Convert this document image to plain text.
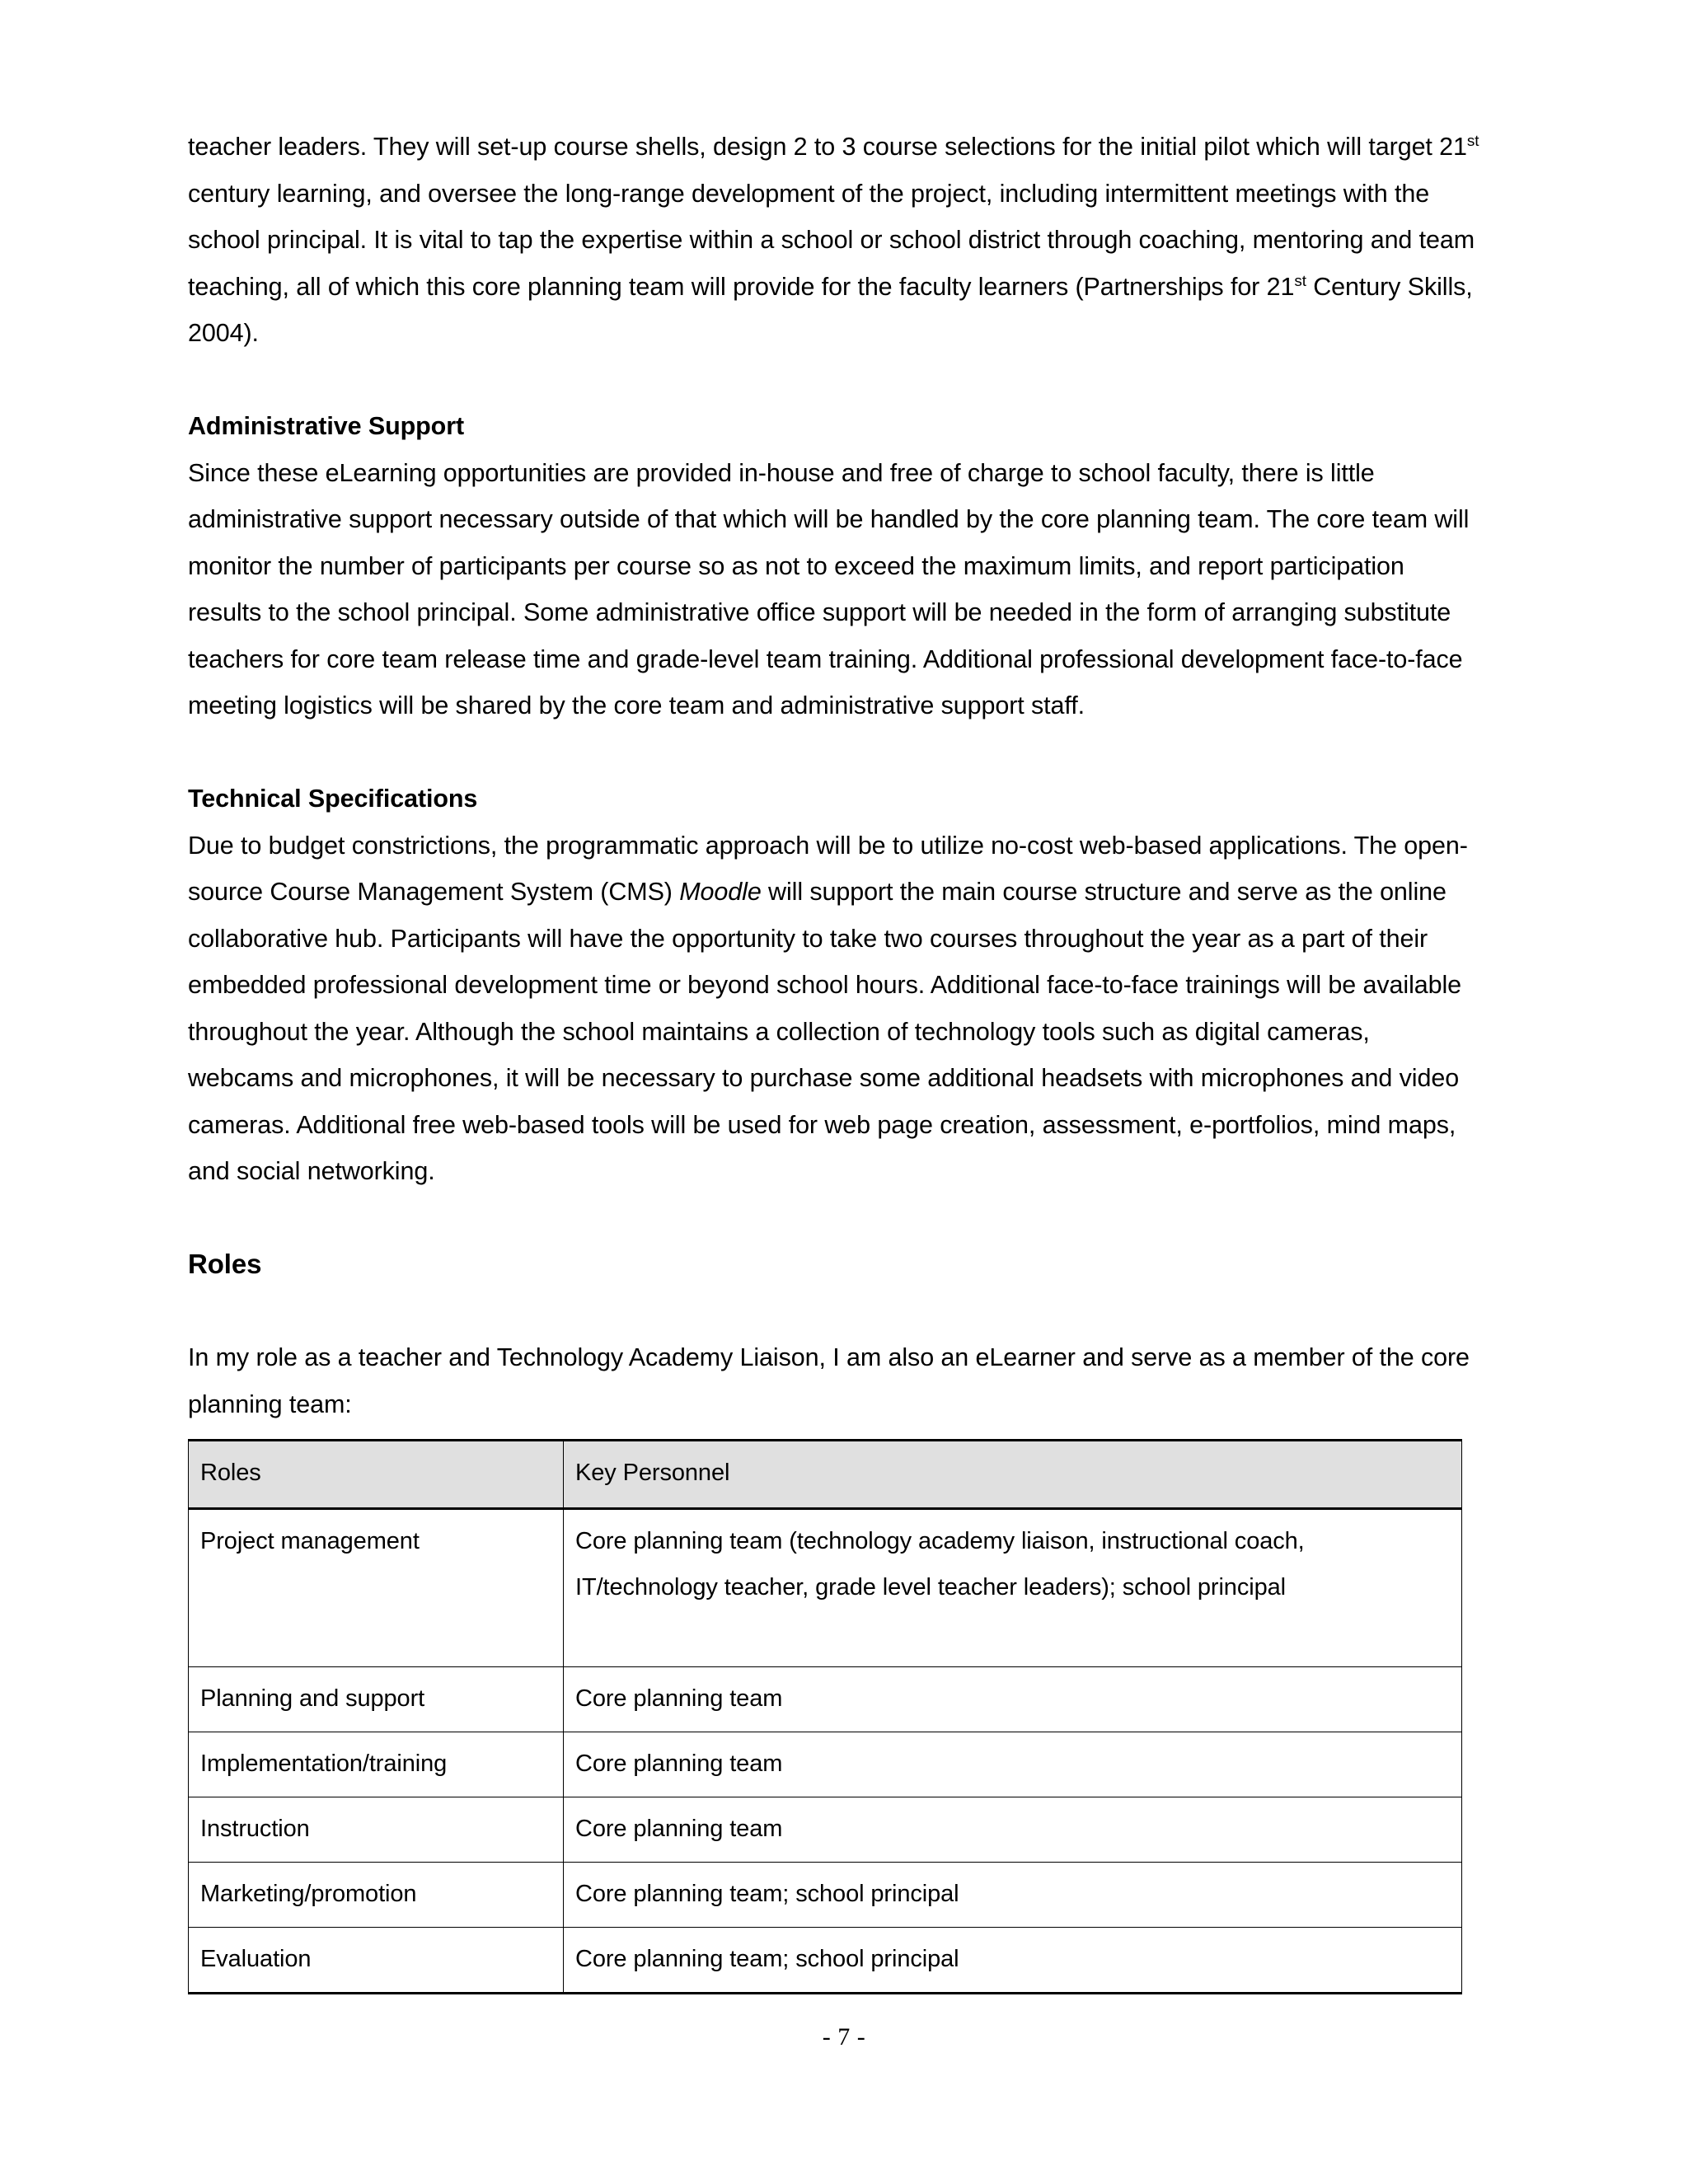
teacher leaders. They will set-up course shells, design 2 to 3 course selections for the initial pilot which will target 21st century learning, and oversee the long-range development of the project, including intermittent meetings with the school principal. It is vital to tap the expertise within a school or school district through coaching, mentoring and team teaching, all of which this core planning team will provide for the faculty learners (Partnerships for 21st Century Skills, 2004).

Administrative Support

Since these eLearning opportunities are provided in-house and free of charge to school faculty, there is little administrative support necessary outside of that which will be handled by the core planning team. The core team will monitor the number of participants per course so as not to exceed the maximum limits, and report participation results to the school principal. Some administrative office support will be needed in the form of arranging substitute teachers for core team release time and grade-level team training. Additional professional development face-to-face meeting logistics will be shared by the core team and administrative support staff.

Technical Specifications

Due to budget constrictions, the programmatic approach will be to utilize no-cost web-based applications. The open-source Course Management System (CMS) Moodle will support the main course structure and serve as the online collaborative hub. Participants will have the opportunity to take two courses throughout the year as a part of their embedded professional development time or beyond school hours. Additional face-to-face trainings will be available throughout the year. Although the school maintains a collection of technology tools such as digital cameras, webcams and microphones, it will be necessary to purchase some additional headsets with microphones and video cameras. Additional free web-based tools will be used for web page creation, assessment, e-portfolios, mind maps, and social networking.

Roles

In my role as a teacher and Technology Academy Liaison, I am also an eLearner and serve as a member of the core planning team:

Roles	Key Personnel
Project management	Core planning team (technology academy liaison, instructional coach, IT/technology teacher, grade level teacher leaders); school principal
Planning and support	Core planning team
Implementation/training	Core planning team
Instruction	Core planning team
Marketing/promotion	Core planning team; school principal
Evaluation	Core planning team; school principal
- 7 -
